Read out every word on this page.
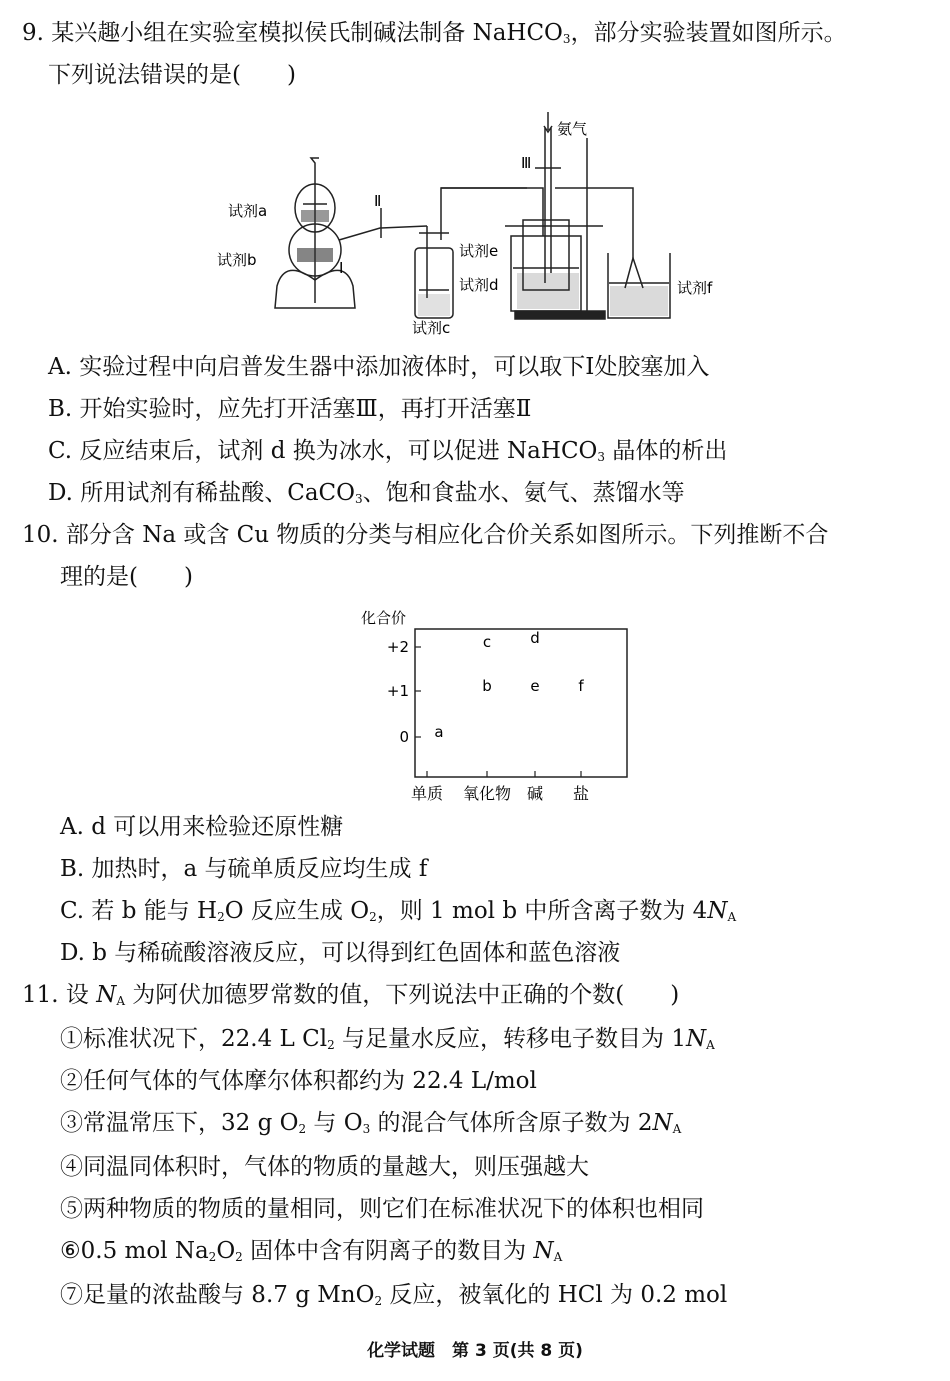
9. 某兴趣小组在实验室模拟侯氏制碱法制备 NaHCO$_3$，部分实验装置如图所示。
下列说法错误的是(　　)
试剂a
试剂b
试剂c
试剂d
试剂e
试剂f
氨气
Ⅲ
Ⅱ
Ⅰ
A. 实验过程中向启普发生器中添加液体时，可以取下Ⅰ处胶塞加入
B. 开始实验时，应先打开活塞Ⅲ，再打开活塞Ⅱ
C. 反应结束后，试剂 d 换为冰水，可以促进 NaHCO$_3$ 晶体的析出
D. 所用试剂有稀盐酸、CaCO$_3$、饱和食盐水、氨气、蒸馏水等
10. 部分含 Na 或含 Cu 物质的分类与相应化合价关系如图所示。下列推断不合
理的是(　　)
化合价
+2
+1
0
单质 氧化物 碱 盐
a
b
c	d
e	f
A. d 可以用来检验还原性糖
B. 加热时，a 与硫单质反应均生成 f
C. 若 b 能与 $H_2O$ 反应生成 $O_2$，则 1 mol b 中所含离子数为 $4N_A$
D. b 与稀硫酸溶液反应，可以得到红色固体和蓝色溶液
11. 设 $N_A$ 为阿伏加德罗常数的值，下列说法中正确的个数(　　)
①标准状况下，22.4 L $Cl_2$ 与足量水反应，转移电子数目为 $1N_A$
②任何气体的气体摩尔体积都约为 22.4 L/mol
③常温常压下，32 g $O_2$ 与 $O_3$ 的混合气体所含原子数为 $2N_A$
④同温同体积时，气体的物质的量越大，则压强越大
⑤两种物质的物质的量相同，则它们在标准状况下的体积也相同
⑥0.5 mol $Na_2O_2$ 固体中含有阴离子的数目为 $N_A$
⑦足量的浓盐酸与 8.7 g MnO$_2$ 反应，被氧化的 HCl 为 0.2 mol
化学试题　第 3 页(共 8 页)
